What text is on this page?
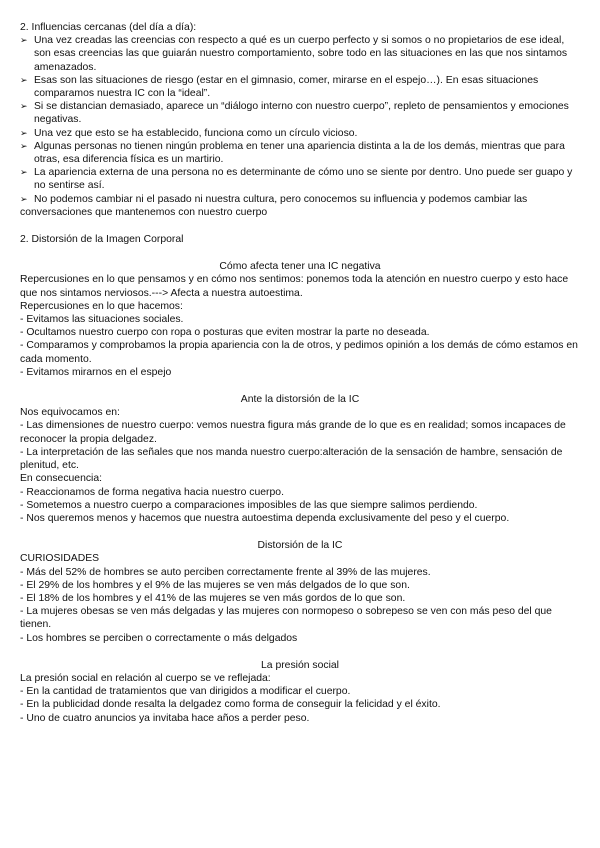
2. Influencias cercanas (del día a día):
➢ Una vez creadas las creencias con respecto a qué es un cuerpo perfecto y si somos o no propietarios de ese ideal, son esas creencias las que guiarán nuestro comportamiento, sobre todo en las situaciones en las que nos sintamos amenazados.
➢ Esas son las situaciones de riesgo (estar en el gimnasio, comer, mirarse en el espejo…). En esas situaciones comparamos nuestra IC con la “ideal”.
➢ Si se distancian demasiado, aparece un “diálogo interno con nuestro cuerpo”, repleto de pensamientos y emociones negativas.
➢ Una vez que esto se ha establecido, funciona como un círculo vicioso.
➢ Algunas personas no tienen ningún problema en tener una apariencia distinta a la de los demás, mientras que para otras, esa diferencia física es un martirio.
➢ La apariencia externa de una persona no es determinante de cómo uno se siente por dentro. Uno puede ser guapo y no sentirse así.
➢ No podemos cambiar ni el pasado ni nuestra cultura, pero conocemos su influencia y podemos cambiar las
conversaciones que mantenemos con nuestro cuerpo
2. Distorsión de la Imagen Corporal
Cómo afecta tener una IC negativa
Repercusiones en lo que pensamos y en cómo nos sentimos: ponemos toda la atención en nuestro cuerpo y esto hace que nos sintamos nerviosos.---> Afecta a nuestra autoestima.
Repercusiones en lo que hacemos:
- Evitamos las situaciones sociales.
- Ocultamos nuestro cuerpo con ropa o posturas que eviten mostrar la parte no deseada.
- Comparamos y comprobamos la propia apariencia con la de otros, y pedimos opinión a los demás de cómo estamos en cada momento.
- Evitamos mirarnos en el espejo
Ante la distorsión de la IC
Nos equivocamos en:
- Las dimensiones de nuestro cuerpo: vemos nuestra figura más grande de lo que es en realidad; somos incapaces de reconocer la propia delgadez.
- La interpretación de las señales que nos manda nuestro cuerpo:alteración de la sensación de hambre, sensación de plenitud, etc.
En consecuencia:
- Reaccionamos de forma negativa hacia nuestro cuerpo.
- Sometemos a nuestro cuerpo a comparaciones imposibles de las que siempre salimos perdiendo.
- Nos queremos menos y hacemos que nuestra autoestima dependa exclusivamente del peso y el cuerpo.
Distorsión de la IC
CURIOSIDADES
- Más del 52% de hombres se auto perciben correctamente frente al 39% de las mujeres.
- El 29% de los hombres y el 9% de las mujeres se ven más delgados de lo que son.
- El 18% de los hombres y el 41% de las mujeres se ven más gordos de lo que son.
- La mujeres obesas se ven más delgadas y las mujeres con normopeso o sobrepeso se ven con más peso del que tienen.
- Los hombres se perciben o correctamente o más delgados
La presión social
La presión social en relación al cuerpo se ve reflejada:
- En la cantidad de tratamientos que van dirigidos a modificar el cuerpo.
- En la publicidad donde resalta la delgadez como forma de conseguir la felicidad y el éxito.
- Uno de cuatro anuncios ya invitaba hace años a perder peso.
